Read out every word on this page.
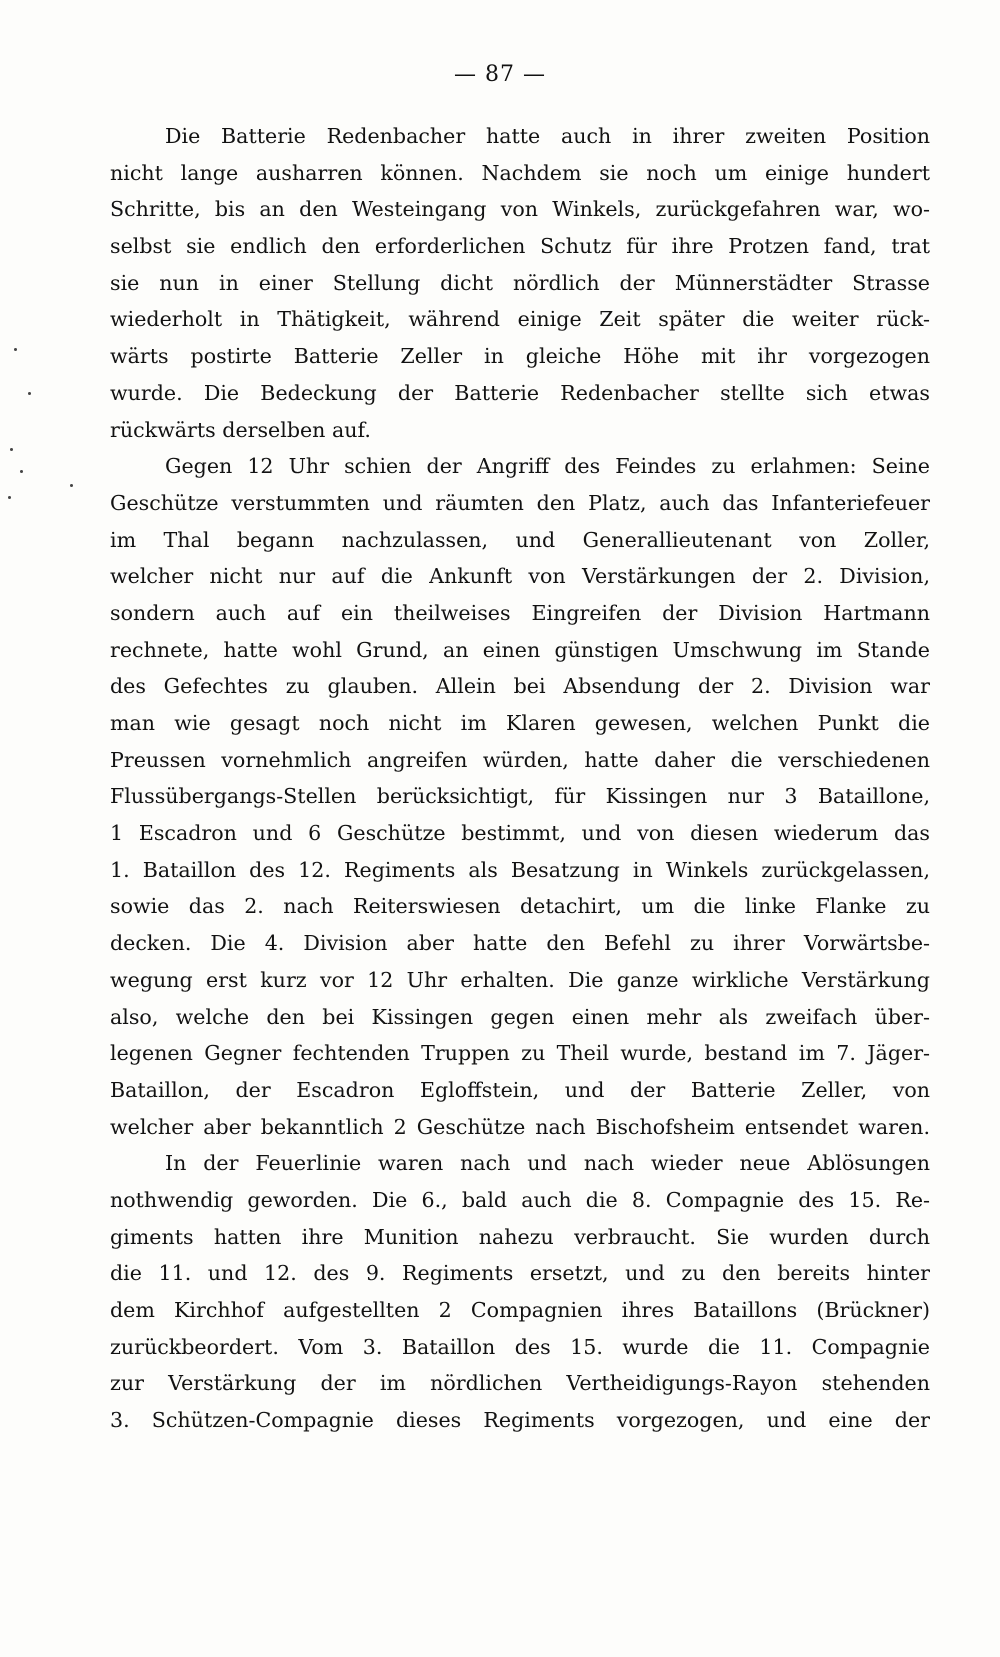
— 87 —
Die Batterie Redenbacher hatte auch in ihrer zweiten Position
nicht lange ausharren können. Nachdem sie noch um einige hundert
Schritte, bis an den Westeingang von Winkels, zurückgefahren war, wo-
selbst sie endlich den erforderlichen Schutz für ihre Protzen fand, trat
sie nun in einer Stellung dicht nördlich der Münnerstädter Strasse
wiederholt in Thätigkeit, während einige Zeit später die weiter rück-
wärts postirte Batterie Zeller in gleiche Höhe mit ihr vorgezogen
wurde. Die Bedeckung der Batterie Redenbacher stellte sich etwas
rückwärts derselben auf.
Gegen 12 Uhr schien der Angriff des Feindes zu erlahmen: Seine
Geschütze verstummten und räumten den Platz, auch das Infanteriefeuer
im Thal begann nachzulassen, und Generallieutenant von Zoller,
welcher nicht nur auf die Ankunft von Verstärkungen der 2. Division,
sondern auch auf ein theilweises Eingreifen der Division Hartmann
rechnete, hatte wohl Grund, an einen günstigen Umschwung im Stande
des Gefechtes zu glauben. Allein bei Absendung der 2. Division war
man wie gesagt noch nicht im Klaren gewesen, welchen Punkt die
Preussen vornehmlich angreifen würden, hatte daher die verschiedenen
Flussübergangs-Stellen berücksichtigt, für Kissingen nur 3 Bataillone,
1 Escadron und 6 Geschütze bestimmt, und von diesen wiederum das
1. Bataillon des 12. Regiments als Besatzung in Winkels zurückgelassen,
sowie das 2. nach Reiterswiesen detachirt, um die linke Flanke zu
decken. Die 4. Division aber hatte den Befehl zu ihrer Vorwärtsbe-
wegung erst kurz vor 12 Uhr erhalten. Die ganze wirkliche Verstärkung
also, welche den bei Kissingen gegen einen mehr als zweifach über-
legenen Gegner fechtenden Truppen zu Theil wurde, bestand im 7. Jäger-
Bataillon, der Escadron Egloffstein, und der Batterie Zeller, von
welcher aber bekanntlich 2 Geschütze nach Bischofsheim entsendet waren.
In der Feuerlinie waren nach und nach wieder neue Ablösungen
nothwendig geworden. Die 6., bald auch die 8. Compagnie des 15. Re-
giments hatten ihre Munition nahezu verbraucht. Sie wurden durch
die 11. und 12. des 9. Regiments ersetzt, und zu den bereits hinter
dem Kirchhof aufgestellten 2 Compagnien ihres Bataillons (Brückner)
zurückbeordert. Vom 3. Bataillon des 15. wurde die 11. Compagnie
zur Verstärkung der im nördlichen Vertheidigungs-Rayon stehenden
3. Schützen-Compagnie dieses Regiments vorgezogen, und eine der
